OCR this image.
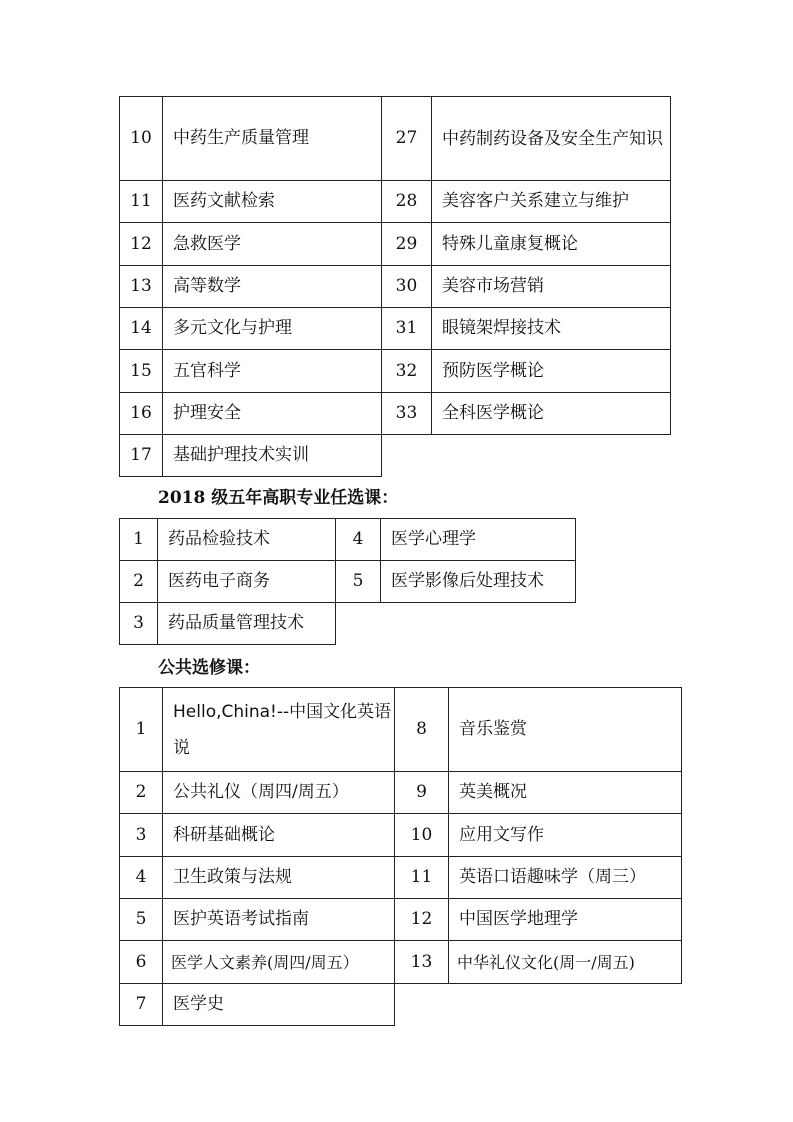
10	中药生产质量管理	27	中药制药设备及安全生产知识
11	医药文献检索	28	美容客户关系建立与维护
12	急救医学	29	特殊儿童康复概论
13	高等数学	30	美容市场营销
14	多元文化与护理	31	眼镜架焊接技术
15	五官科学	32	预防医学概论
16	护理安全	33	全科医学概论
17	基础护理技术实训		
2018 级五年高职专业任选课：
1	药品检验技术	4	医学心理学
2	医药电子商务	5	医学影像后处理技术
3	药品质量管理技术		
公共选修课：
1	Hello,China!--中国文化英语说	8	音乐鉴赏
2	公共礼仪（周四/周五）	9	英美概况
3	科研基础概论	10	应用文写作
4	卫生政策与法规	11	英语口语趣味学（周三）
5	医护英语考试指南	12	中国医学地理学
6	医学人文素养(周四/周五）	13	中华礼仪文化(周一/周五)
7	医学史		
